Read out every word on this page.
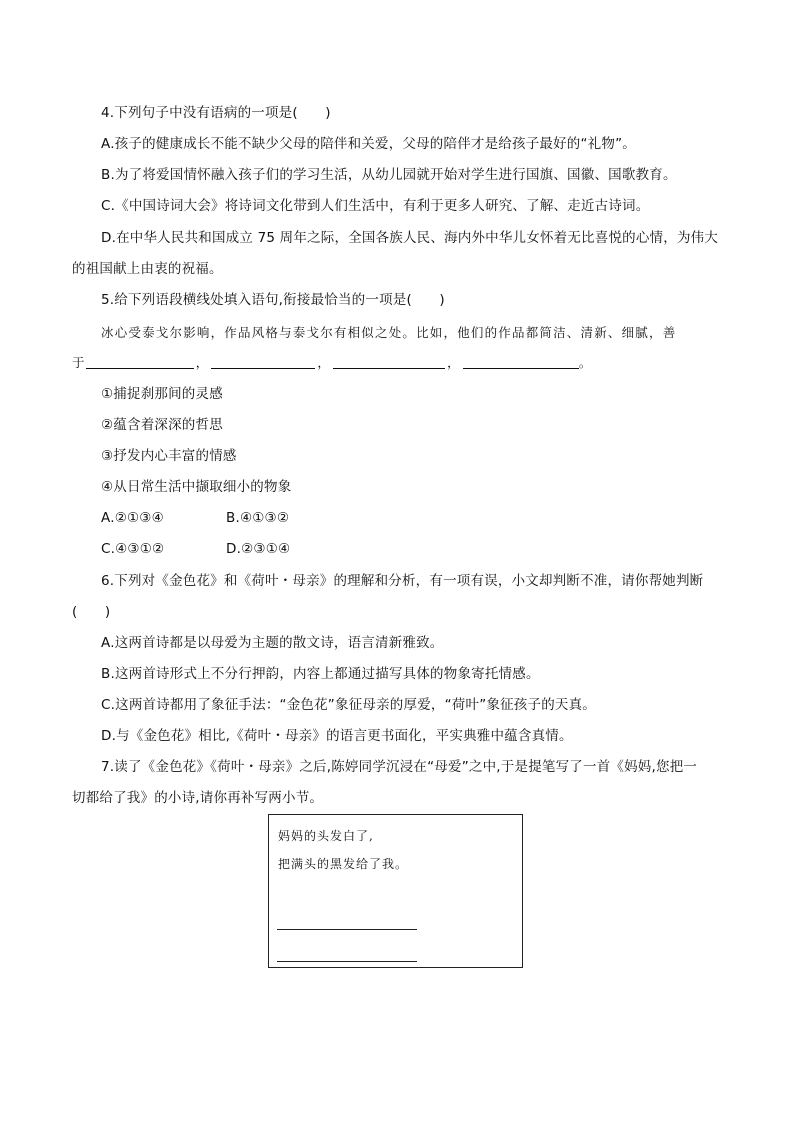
4.下列句子中没有语病的一项是(　　)
A.孩子的健康成长不能不缺少父母的陪伴和关爱，父母的陪伴才是给孩子最好的“礼物”。
B.为了将爱国情怀融入孩子们的学习生活，从幼儿园就开始对学生进行国旗、国徽、国歌教育。
C.《中国诗词大会》将诗词文化带到人们生活中，有利于更多人研究、了解、走近古诗词。
D.在中华人民共和国成立 75 周年之际，全国各族人民、海内外中华儿女怀着无比喜悦的心情，为伟大
的祖国献上由衷的祝福。
5.给下列语段横线处填入语句,衔接最恰当的一项是(　　)
冰心受泰戈尔影响，作品风格与泰戈尔有相似之处。比如，他们的作品都简洁、清新、细腻，善
于	，	，	，	。
①捕捉刹那间的灵感
②蕴含着深深的哲思
③抒发内心丰富的情感
④从日常生活中撷取细小的物象
A.②①③④	B.④①③②
C.④③①②	D.②③①④
6.下列对《金色花》和《荷叶・母亲》的理解和分析，有一项有误，小文却判断不准，请你帮她判断
(　　)
A.这两首诗都是以母爱为主题的散文诗，语言清新雅致。
B.这两首诗形式上不分行押韵，内容上都通过描写具体的物象寄托情感。
C.这两首诗都用了象征手法：“金色花”象征母亲的厚爱，“荷叶”象征孩子的天真。
D.与《金色花》相比,《荷叶・母亲》的语言更书面化，平实典雅中蕴含真情。
7.读了《金色花》《荷叶・母亲》之后,陈婷同学沉浸在“母爱”之中,于是提笔写了一首《妈妈,您把一
切都给了我》的小诗,请你再补写两小节。
妈妈的头发白了,
把满头的黑发给了我。
